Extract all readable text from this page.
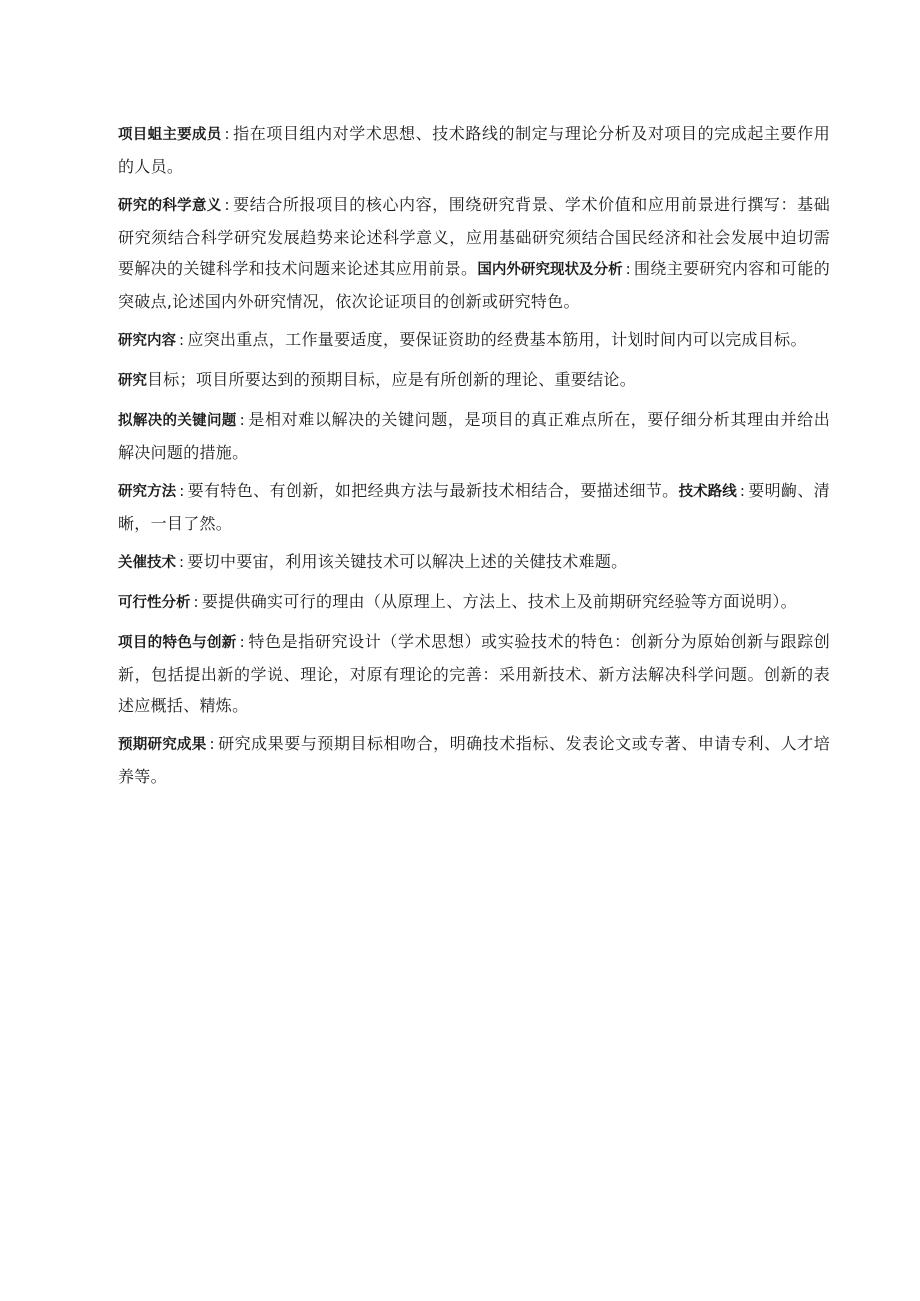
项目蛆主要成员 : 指在项目组内对学术思想、技术路线的制定与理论分析及对项目的完成起主要作用的人员。

研究的科学意义 : 要结合所报项目的核心内容，围绕研究背景、学术价值和应用前景进行撰写：基础研究须结合科学研究发展趋势来论述科学意义，应用基础研究须结合国民经济和社会发展中迫切需要解决的关键科学和技术问题来论述其应用前景。国内外研究现状及分析 : 围绕主要研究内容和可能的突破点,论述国内外研究情况，依次论证项目的创新或研究特色。

研究内容 : 应突出重点，工作量要适度，要保证资助的经费基本筋用，计划时间内可以完成目标。

研究目标；项目所要达到的预期目标，应是有所创新的理论、重要结论。

拟解决的关键问题 : 是相对难以解决的关键问题，是项目的真正难点所在，要仔细分析其理由并给出解决问题的措施。

研究方法 : 要有特色、有创新，如把经典方法与最新技术相结合，要描述细节。技术路线 : 要明齣、清晰，一目了然。

关催技术 : 要切中要宙，利用该关键技术可以解决上述的关健技术难题。

可行性分析 : 要提供确实可行的理由（从原理上、方法上、技术上及前期研究经验等方面说明）。

项目的特色与创新 : 特色是指研究设计（学术思想）或实验技术的特色：创新分为原始创新与跟踪创新，包括提出新的学说、理论，对原有理论的完善：采用新技术、新方法解决科学问题。创新的表述应概括、精炼。

预期研究成果 : 研究成果要与预期目标相吻合，明确技术指标、发表论文或专著、申请专利、人才培养等。
